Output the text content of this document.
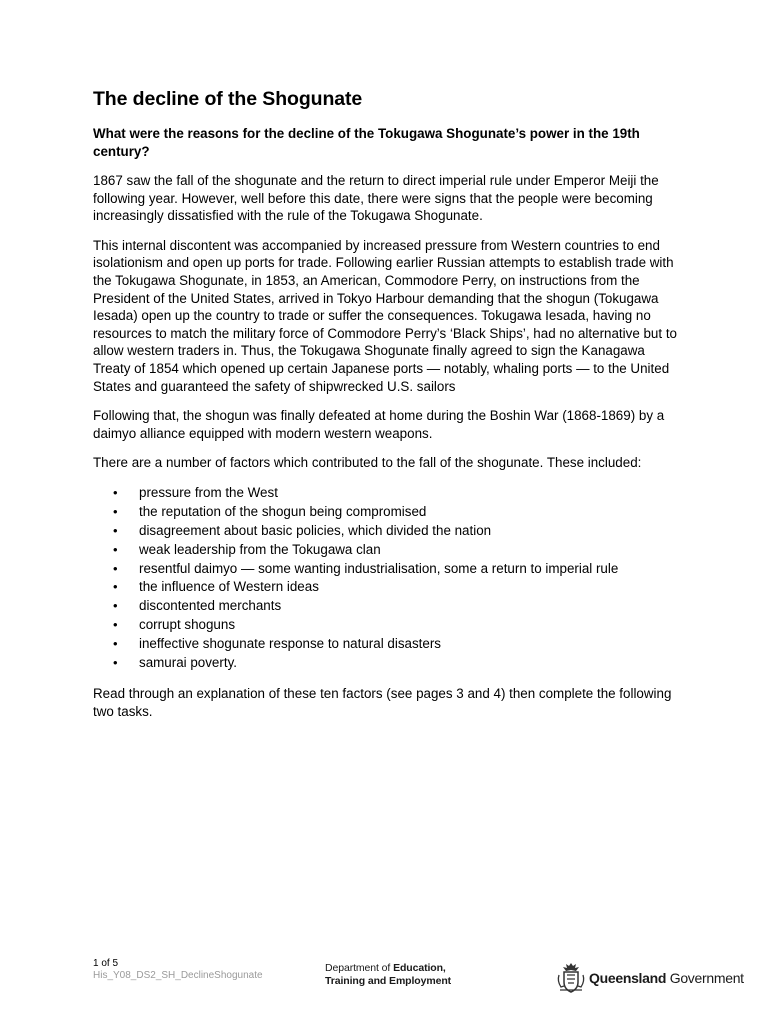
The decline of the Shogunate

What were the reasons for the decline of the Tokugawa Shogunate’s power in the 19th century?

1867 saw the fall of the shogunate and the return to direct imperial rule under Emperor Meiji the following year. However, well before this date, there were signs that the people were becoming increasingly dissatisfied with the rule of the Tokugawa Shogunate.

This internal discontent was accompanied by increased pressure from Western countries to end isolationism and open up ports for trade. Following earlier Russian attempts to establish trade with the Tokugawa Shogunate, in 1853, an American, Commodore Perry, on instructions from the President of the United States, arrived in Tokyo Harbour demanding that the shogun (Tokugawa Iesada) open up the country to trade or suffer the consequences. Tokugawa Iesada, having no resources to match the military force of Commodore Perry’s ‘Black Ships’, had no alternative but to allow western traders in. Thus, the Tokugawa Shogunate finally agreed to sign the Kanagawa Treaty of 1854 which opened up certain Japanese ports — notably, whaling ports — to the United States and guaranteed the safety of shipwrecked U.S. sailors

Following that, the shogun was finally defeated at home during the Boshin War (1868-1869) by a daimyo alliance equipped with modern western weapons.

There are a number of factors which contributed to the fall of the shogunate. These included:

• pressure from the West
• the reputation of the shogun being compromised
• disagreement about basic policies, which divided the nation
• weak leadership from the Tokugawa clan
• resentful daimyo — some wanting industrialisation, some a return to imperial rule
• the influence of Western ideas
• discontented merchants
• corrupt shoguns
• ineffective shogunate response to natural disasters
• samurai poverty.

Read through an explanation of these ten factors (see pages 3 and 4) then complete the following two tasks.

1 of 5
His_Y08_DS2_SH_DeclineShogunate
Department of Education,
Training and Employment	Queensland Government
